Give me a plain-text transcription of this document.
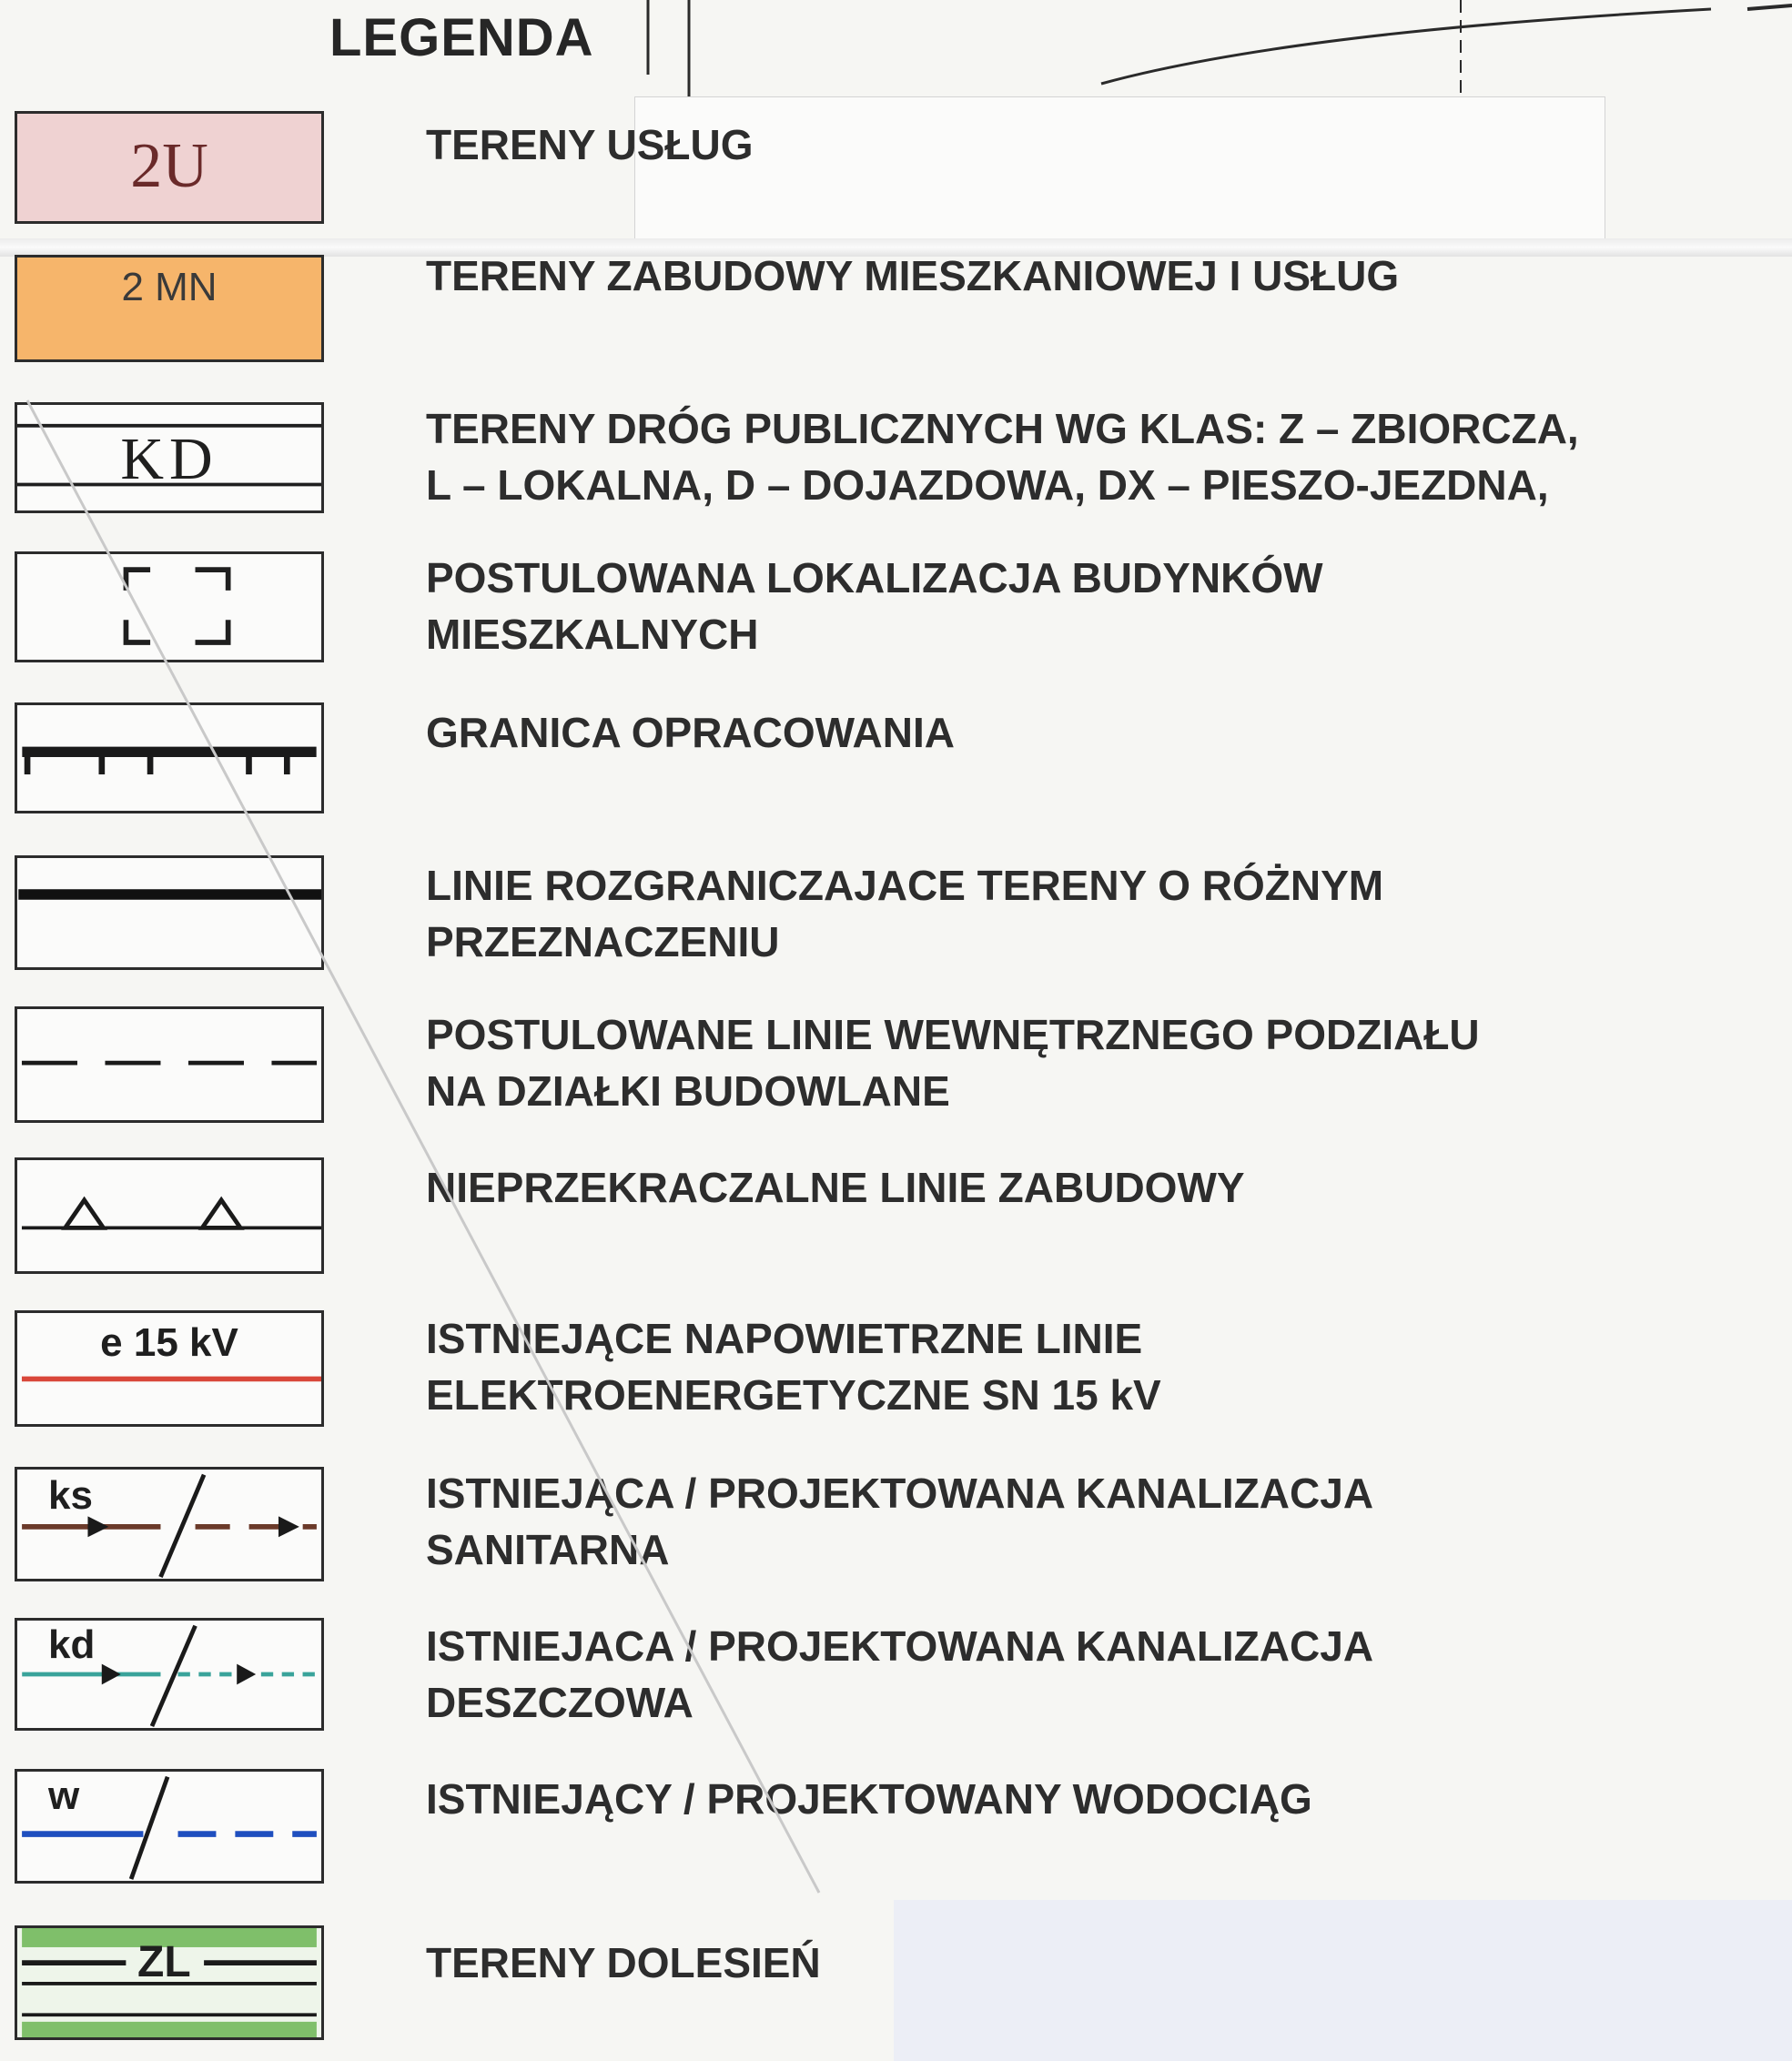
LEGENDA
2U	TERENY USŁUG
2 MN	TERENY ZABUDOWY MIESZKANIOWEJ I USŁUG
KD	TERENY DRÓG PUBLICZNYCH WG KLAS: Z – ZBIORCZA,
L – LOKALNA, D – DOJAZDOWA, DX – PIESZO-JEZDNA,
POSTULOWANA LOKALIZACJA BUDYNKÓW
MIESZKALNYCH
GRANICA OPRACOWANIA
LINIE ROZGRANICZAJACE TERENY O RÓŻNYM
PRZEZNACZENIU
POSTULOWANE LINIE WEWNĘTRZNEGO PODZIAŁU
NA DZIAŁKI BUDOWLANE
NIEPRZEKRACZALNE LINIE ZABUDOWY
e 15 kV	ISTNIEJĄCE NAPOWIETRZNE LINIE
ELEKTROENERGETYCZNE SN 15 kV
ks	ISTNIEJĄCA / PROJEKTOWANA KANALIZACJA
SANITARNA
kd	ISTNIEJACA / PROJEKTOWANA KANALIZACJA
DESZCZOWA
w	ISTNIEJĄCY / PROJEKTOWANY WODOCIĄG
ZL	TERENY DOLESIEŃ
